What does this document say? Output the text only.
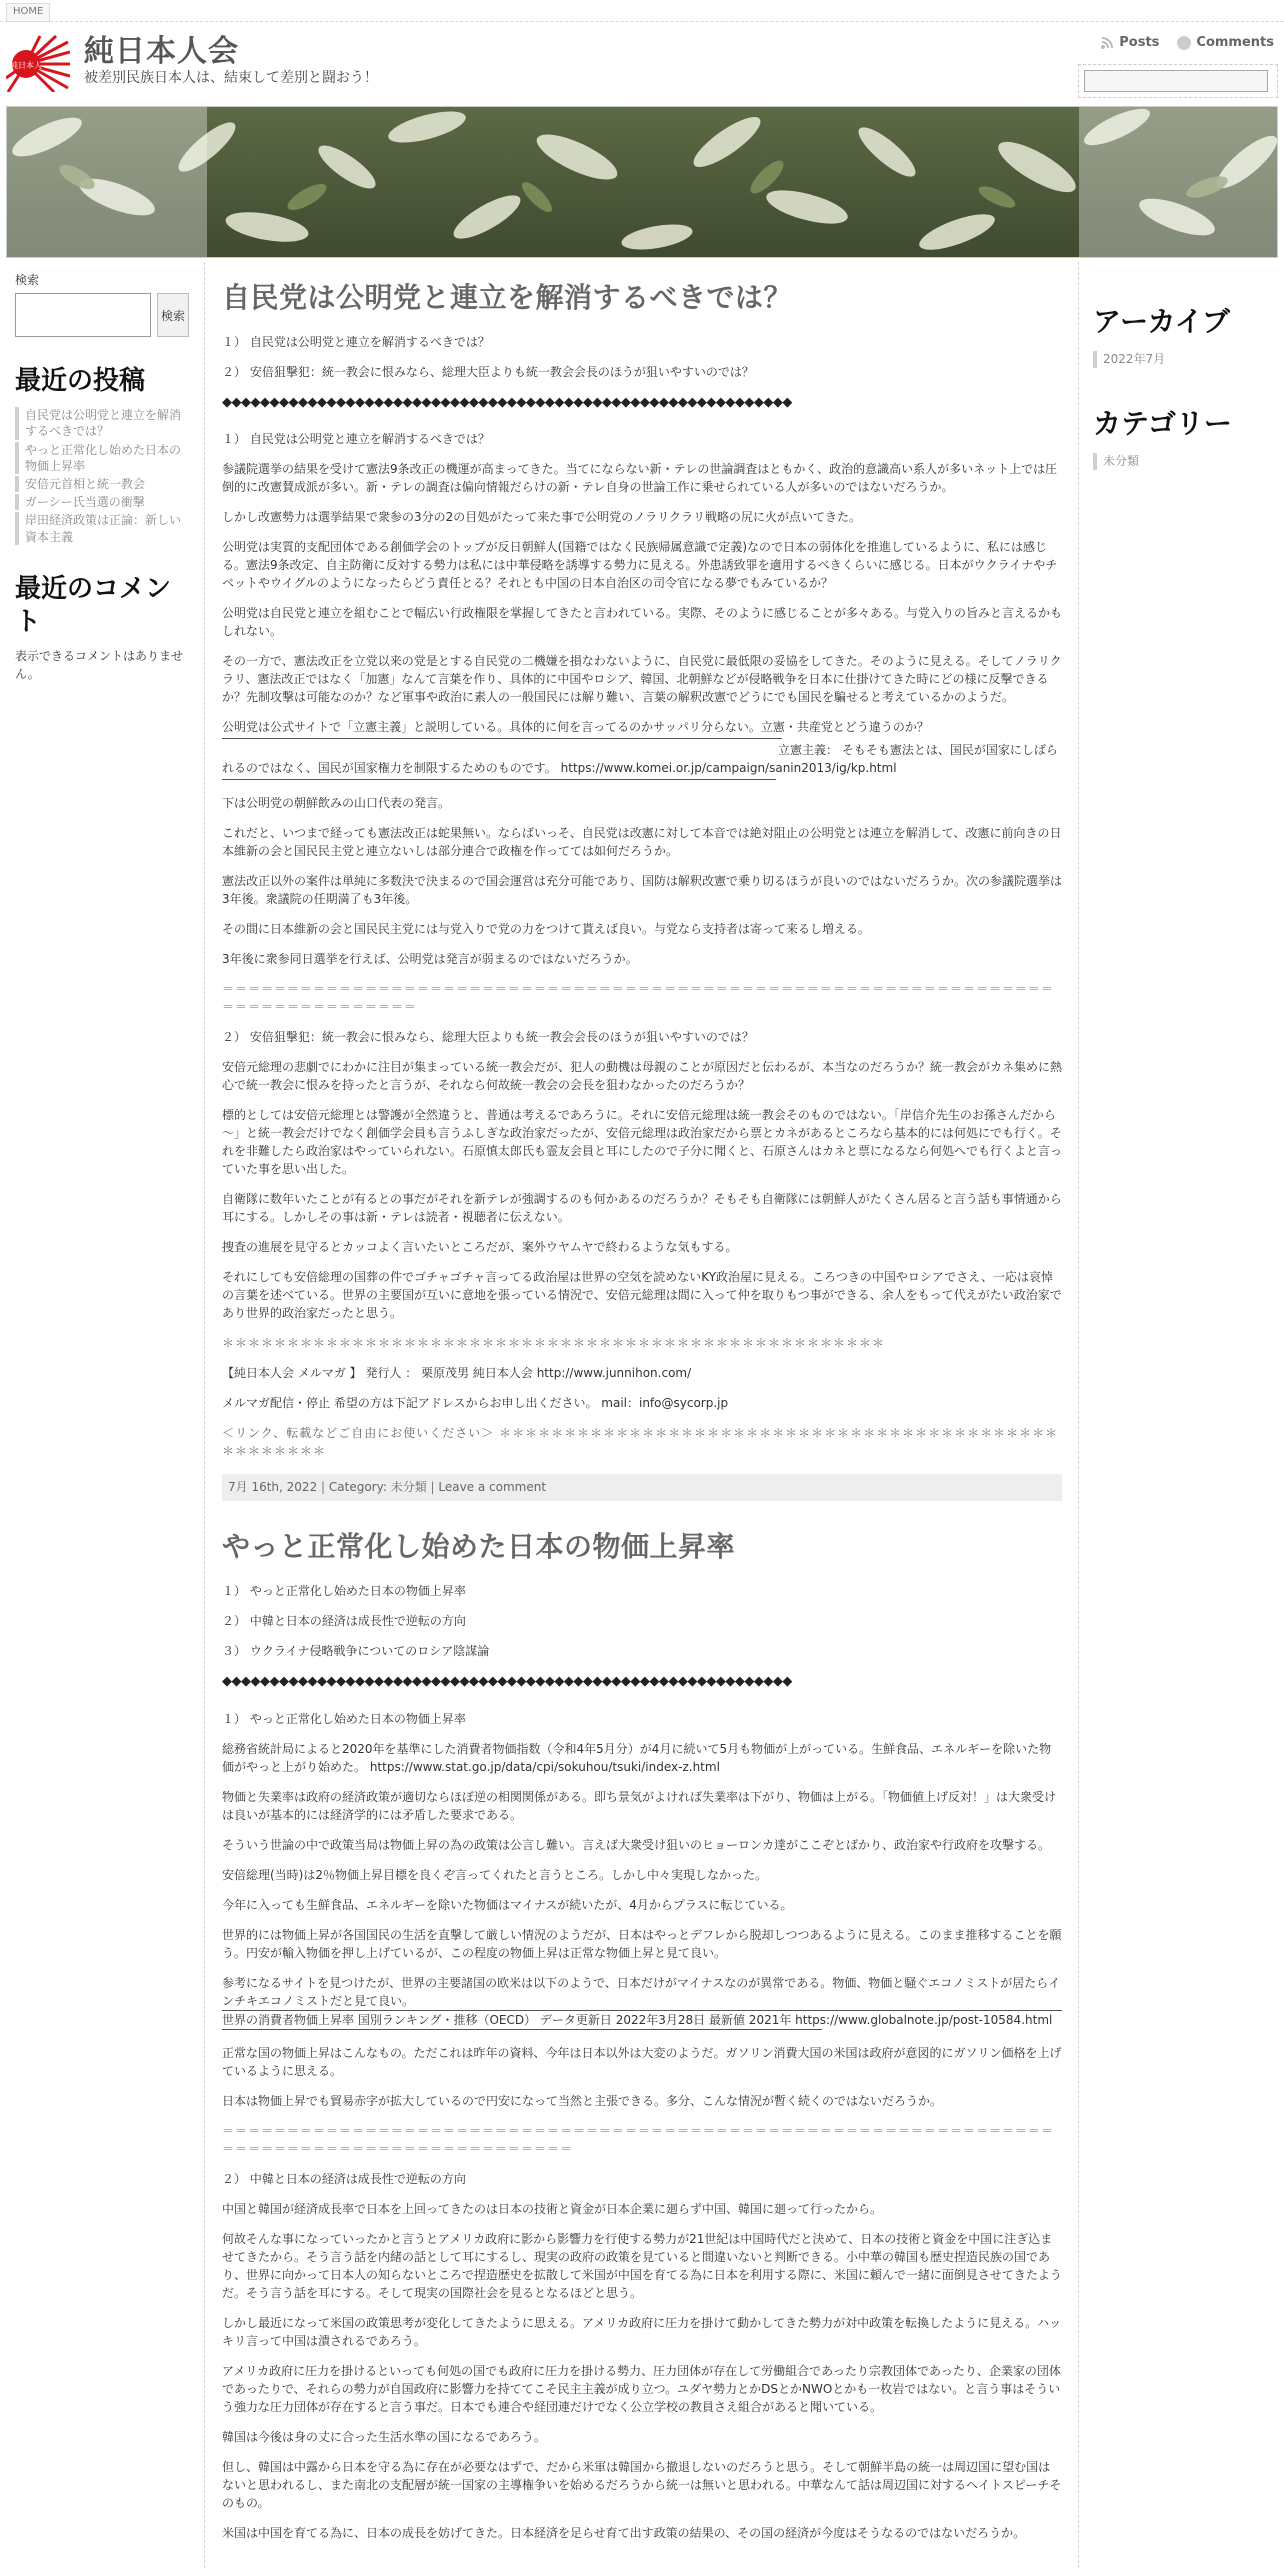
HOME
純日本人 純日本人会
被差別民族日本人は、結束して差別と闘おう！
Posts	Comments
検索
検索
最近の投稿
自民党は公明党と連立を解消するべきでは？
やっと正常化し始めた日本の物価上昇率
安倍元首相と統一教会
ガーシー氏当選の衝撃
岸田経済政策は正論：新しい資本主義
最近のコメント
表示できるコメントはありません。
自民党は公明党と連立を解消するべきでは？

１） 自民党は公明党と連立を解消するべきでは？

２） 安倍狙撃犯：統一教会に恨みなら、総理大臣よりも統一教会会長のほうが狙いやすいのでは？

◆◆◆◆◆◆◆◆◆◆◆◆◆◆◆◆◆◆◆◆◆◆◆◆◆◆◆◆◆◆◆◆◆◆◆◆◆◆◆◆◆◆◆◆◆◆◆◆◆◆◆◆◆◆◆◆◆◆◆◆

１） 自民党は公明党と連立を解消するべきでは？

参議院選挙の結果を受けて憲法9条改正の機運が高まってきた。当てにならない新・テレの世論調査はともかく、政治的意識高い系人が多いネット上では圧倒的に改憲賛成派が多い。新・テレの調査は偏向情報だらけの新・テレ自身の世論工作に乗せられている人が多いのではないだろうか。

しかし改憲勢力は選挙結果で衆参の3分の2の目処がたって来た事で公明党のノラリクラリ戦略の尻に火が点いてきた。

公明党は実質的支配団体である創価学会のトップが反日朝鮮人(国籍ではなく民族帰属意識で定義)なので日本の弱体化を推進しているように、私には感じる。憲法9条改定、自主防衛に反対する勢力は私には中華侵略を誘導する勢力に見える。外患誘致罪を適用するべきくらいに感じる。日本がウクライナやチベットやウイグルのようになったらどう責任とる？それとも中国の日本自治区の司令官になる夢でもみているか？

公明党は自民党と連立を組むことで幅広い行政権限を掌握してきたと言われている。実際、そのように感じることが多々ある。与党入りの旨みと言えるかもしれない。

その一方で、憲法改正を立党以来の党是とする自民党の二機嫌を損なわないように、自民党に最低限の妥協をしてきた。そのように見える。そしてノラリクラリ、憲法改正ではなく「加憲」なんて言葉を作り、具体的に中国やロシア、韓国、北朝鮮などが侵略戦争を日本に仕掛けてきた時にどの様に反撃できるか？先制攻撃は可能なのか？など軍事や政治に素人の一般国民には解り難い、言葉の解釈改憲でどうにでも国民を騙せると考えているかのようだ。

公明党は公式サイトで「立憲主義」と説明している。具体的に何を言ってるのかサッパリ分らない。立憲・共産党とどう違うのか？

立憲主義： そもそも憲法とは、国民が国家にしばられるのではなく、国民が国家権力を制限するためのものです。 https://www.komei.or.jp/campaign/sanin2013/ig/kp.html

下は公明党の朝鮮飲みの山口代表の発言。

これだと、いつまで経っても憲法改正は蛇果無い。ならばいっそ、自民党は改憲に対して本音では絶対阻止の公明党とは連立を解消して、改憲に前向きの日本維新の会と国民民主党と連立ないしは部分連合で政権を作ってては如何だろうか。

憲法改正以外の案件は単純に多数決で決まるので国会運営は充分可能であり、国防は解釈改憲で乗り切るほうが良いのではないだろうか。次の参議院選挙は3年後。衆議院の任期満了も3年後。

その間に日本維新の会と国民民主党には与党入りで党の力をつけて貰えば良い。与党なら支持者は寄って来るし増える。

3年後に衆参同日選挙を行えば、公明党は発言が弱まるのではないだろうか。

＝＝＝＝＝＝＝＝＝＝＝＝＝＝＝＝＝＝＝＝＝＝＝＝＝＝＝＝＝＝＝＝＝＝＝＝＝＝＝＝＝＝＝＝＝＝＝＝＝＝＝＝＝＝＝＝＝＝＝＝＝＝＝＝＝＝＝＝＝＝＝＝＝＝＝＝＝＝＝

２） 安倍狙撃犯：統一教会に恨みなら、総理大臣よりも統一教会会長のほうが狙いやすいのでは？

安倍元総理の悲劇でにわかに注目が集まっている統一教会だが、犯人の動機は母親のことが原因だと伝わるが、本当なのだろうか？統一教会がカネ集めに熱心で統一教会に恨みを持ったと言うが、それなら何故統一教会の会長を狙わなかったのだろうか？

標的としては安倍元総理とは警護が全然違うと、普通は考えるであろうに。それに安倍元総理は統一教会そのものではない。「岸信介先生のお孫さんだから～」と統一教会だけでなく創価学会員も言うふしぎな政治家だったが、安倍元総理は政治家だから票とカネがあるところなら基本的には何処にでも行く。それを非難したら政治家はやっていられない。石原慎太郎氏も霊友会員と耳にしたので子分に聞くと、石原さんはカネと票になるなら何処へでも行くよと言っていた事を思い出した。

自衛隊に数年いたことが有るとの事だがそれを新テレが強調するのも何かあるのだろうか？そもそも自衛隊には朝鮮人がたくさん居ると言う話も事情通から耳にする。しかしその事は新・テレは読者・視聴者に伝えない。

捜査の進展を見守るとカッコよく言いたいところだが、案外ウヤムヤで終わるような気もする。

それにしても安倍総理の国葬の件でゴチャゴチャ言ってる政治屋は世界の空気を読めないKY政治屋に見える。ころつきの中国やロシアでさえ、一応は哀悼の言葉を述べている。世界の主要国が互いに意地を張っている情況で、安倍元総理は間に入って仲を取りもつ事ができる、余人をもって代えがたい政治家であり世界的政治家だったと思う。

＊＊＊＊＊＊＊＊＊＊＊＊＊＊＊＊＊＊＊＊＊＊＊＊＊＊＊＊＊＊＊＊＊＊＊＊＊＊＊＊＊＊＊＊＊＊＊＊＊＊＊

【純日本人会 メルマガ 】 発行人 ： 栗原茂男 純日本人会 http://www.junnihon.com/

メルマガ配信・停止 希望の方は下記アドレスからお申し出ください。 mail：info@sycorp.jp

＜リンク、転載などご自由にお使いください＞ ＊＊＊＊＊＊＊＊＊＊＊＊＊＊＊＊＊＊＊＊＊＊＊＊＊＊＊＊＊＊＊＊＊＊＊＊＊＊＊＊＊＊＊＊＊＊＊＊＊＊＊

7月 16th, 2022 | Category: 未分類 | Leave a comment
やっと正常化し始めた日本の物価上昇率

１） やっと正常化し始めた日本の物価上昇率

２） 中韓と日本の経済は成長性で逆転の方向

３） ウクライナ侵略戦争についてのロシア陰謀論

◆◆◆◆◆◆◆◆◆◆◆◆◆◆◆◆◆◆◆◆◆◆◆◆◆◆◆◆◆◆◆◆◆◆◆◆◆◆◆◆◆◆◆◆◆◆◆◆◆◆◆◆◆◆◆◆◆◆◆◆

１） やっと正常化し始めた日本の物価上昇率

総務省統計局によると2020年を基準にした消費者物価指数（令和4年5月分）が4月に続いて5月も物価が上がっている。生鮮食品、エネルギーを除いた物価がやっと上がり始めた。 https://www.stat.go.jp/data/cpi/sokuhou/tsuki/index-z.html

物価と失業率は政府の経済政策が適切ならほぼ逆の相関関係がある。即ち景気がよければ失業率は下がり、物価は上がる。「物価値上げ反対！」は大衆受けは良いが基本的には経済学的には矛盾した要求である。

そういう世論の中で政策当局は物価上昇の為の政策は公言し難い。言えば大衆受け狙いのヒョーロンカ達がここぞとばかり、政治家や行政府を攻撃する。

安倍総理(当時)は2％物価上昇目標を良くぞ言ってくれたと言うところ。しかし中々実現しなかった。

今年に入っても生鮮食品、エネルギーを除いた物価はマイナスが続いたが、4月からプラスに転じている。

世界的には物価上昇が各国国民の生活を直撃して厳しい情況のようだが、日本はやっとデフレから脱却しつつあるように見える。このまま推移することを願う。円安が輸入物価を押し上げているが、この程度の物価上昇は正常な物価上昇と見て良い。

参考になるサイトを見つけたが、世界の主要諸国の欧米は以下のようで、日本だけがマイナスなのが異常である。物価、物価と騒ぐエコノミストが居たらインチキエコノミストだと見て良い。

世界の消費者物価上昇率 国別ランキング・推移（OECD） データ更新日 2022年3月28日 最新値 2021年 https://www.globalnote.jp/post-10584.html

正常な国の物価上昇はこんなもの。ただこれは昨年の資料、今年は日本以外は大変のようだ。ガソリン消費大国の米国は政府が意図的にガソリン価格を上げているように思える。

日本は物価上昇でも貿易赤字が拡大しているので円安になって当然と主張できる。多分、こんな情況が暫く続くのではないだろうか。

＝＝＝＝＝＝＝＝＝＝＝＝＝＝＝＝＝＝＝＝＝＝＝＝＝＝＝＝＝＝＝＝＝＝＝＝＝＝＝＝＝＝＝＝＝＝＝＝＝＝＝＝＝＝＝＝＝＝＝＝＝＝＝＝＝＝＝＝＝＝＝＝＝＝＝＝＝＝＝＝＝＝＝＝＝＝＝＝＝＝＝

２） 中韓と日本の経済は成長性で逆転の方向

中国と韓国が経済成長率で日本を上回ってきたのは日本の技術と資金が日本企業に廻らず中国、韓国に廻って行ったから。

何故そんな事になっていったかと言うとアメリカ政府に影から影響力を行使する勢力が21世紀は中国時代だと決めて、日本の技術と資金を中国に注ぎ込ませてきたから。そう言う話を内緒の話として耳にするし、現実の政府の政策を見ていると間違いないと判断できる。小中華の韓国も歴史捏造民族の国であり、世界に向かって日本人の知らないところで捏造歴史を拡散して米国が中国を育てる為に日本を利用する際に、米国に頼んで一緒に面倒見させてきたようだ。そう言う話を耳にする。そして現実の国際社会を見るとなるほどと思う。

しかし最近になって米国の政策思考が変化してきたように思える。アメリカ政府に圧力を掛けて動かしてきた勢力が対中政策を転換したように見える。ハッキリ言って中国は潰されるであろう。

アメリカ政府に圧力を掛けるといっても何処の国でも政府に圧力を掛ける勢力、圧力団体が存在して労働組合であったり宗教団体であったり、企業家の団体であったりで、それらの勢力が自国政府に影響力を持ててこそ民主主義が成り立つ。ユダヤ勢力とかDSとかNWOとかも一枚岩ではない。と言う事はそういう強力な圧力団体が存在すると言う事だ。日本でも連合や経団連だけでなく公立学校の教員さえ組合があると聞いている。

韓国は今後は身の丈に合った生活水準の国になるであろう。

但し、韓国は中露から日本を守る為に存在が必要なはずで、だから米軍は韓国から撤退しないのだろうと思う。そして朝鮮半島の統一は周辺国に望む国はないと思われるし、また南北の支配層が統一国家の主導権争いを始めるだろうから統一は無いと思われる。中華なんて話は周辺国に対するヘイトスピーチそのもの。

米国は中国を育てる為に、日本の成長を妨げてきた。日本経済を足らせ育て出す政策の結果の、その国の経済が今度はそうなるのではないだろうか。

アーカイブ
2022年7月
カテゴリー
未分類
